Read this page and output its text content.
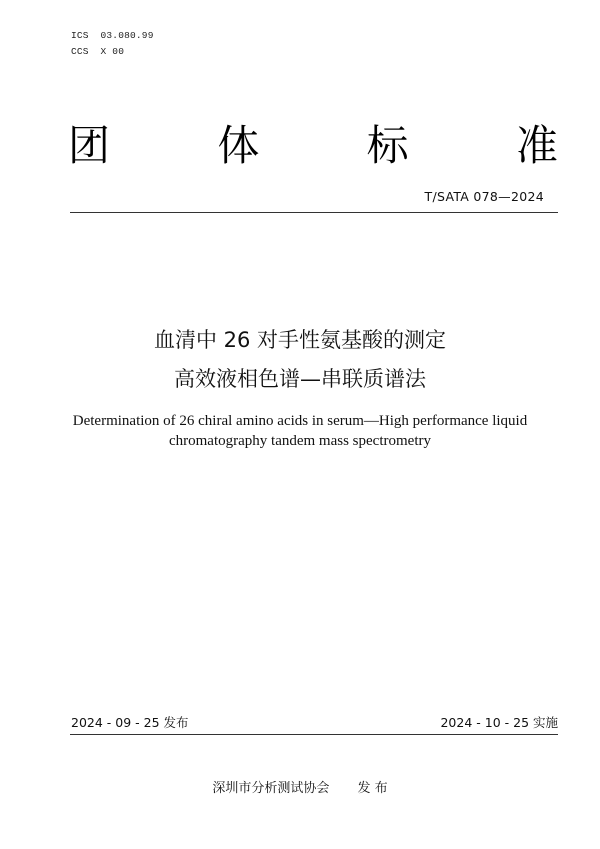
ICS  03.080.99
CCS  X 00
团	体	标	准
T/SATA 078—2024
血清中 26 对手性氨基酸的测定
高效液相色谱—串联质谱法
Determination of 26 chiral amino acids in serum—High performance liquid
chromatography tandem mass spectrometry
2024 - 09 - 25 发布	2024 - 10 - 25 实施
深圳市分析测试协会 发 布
